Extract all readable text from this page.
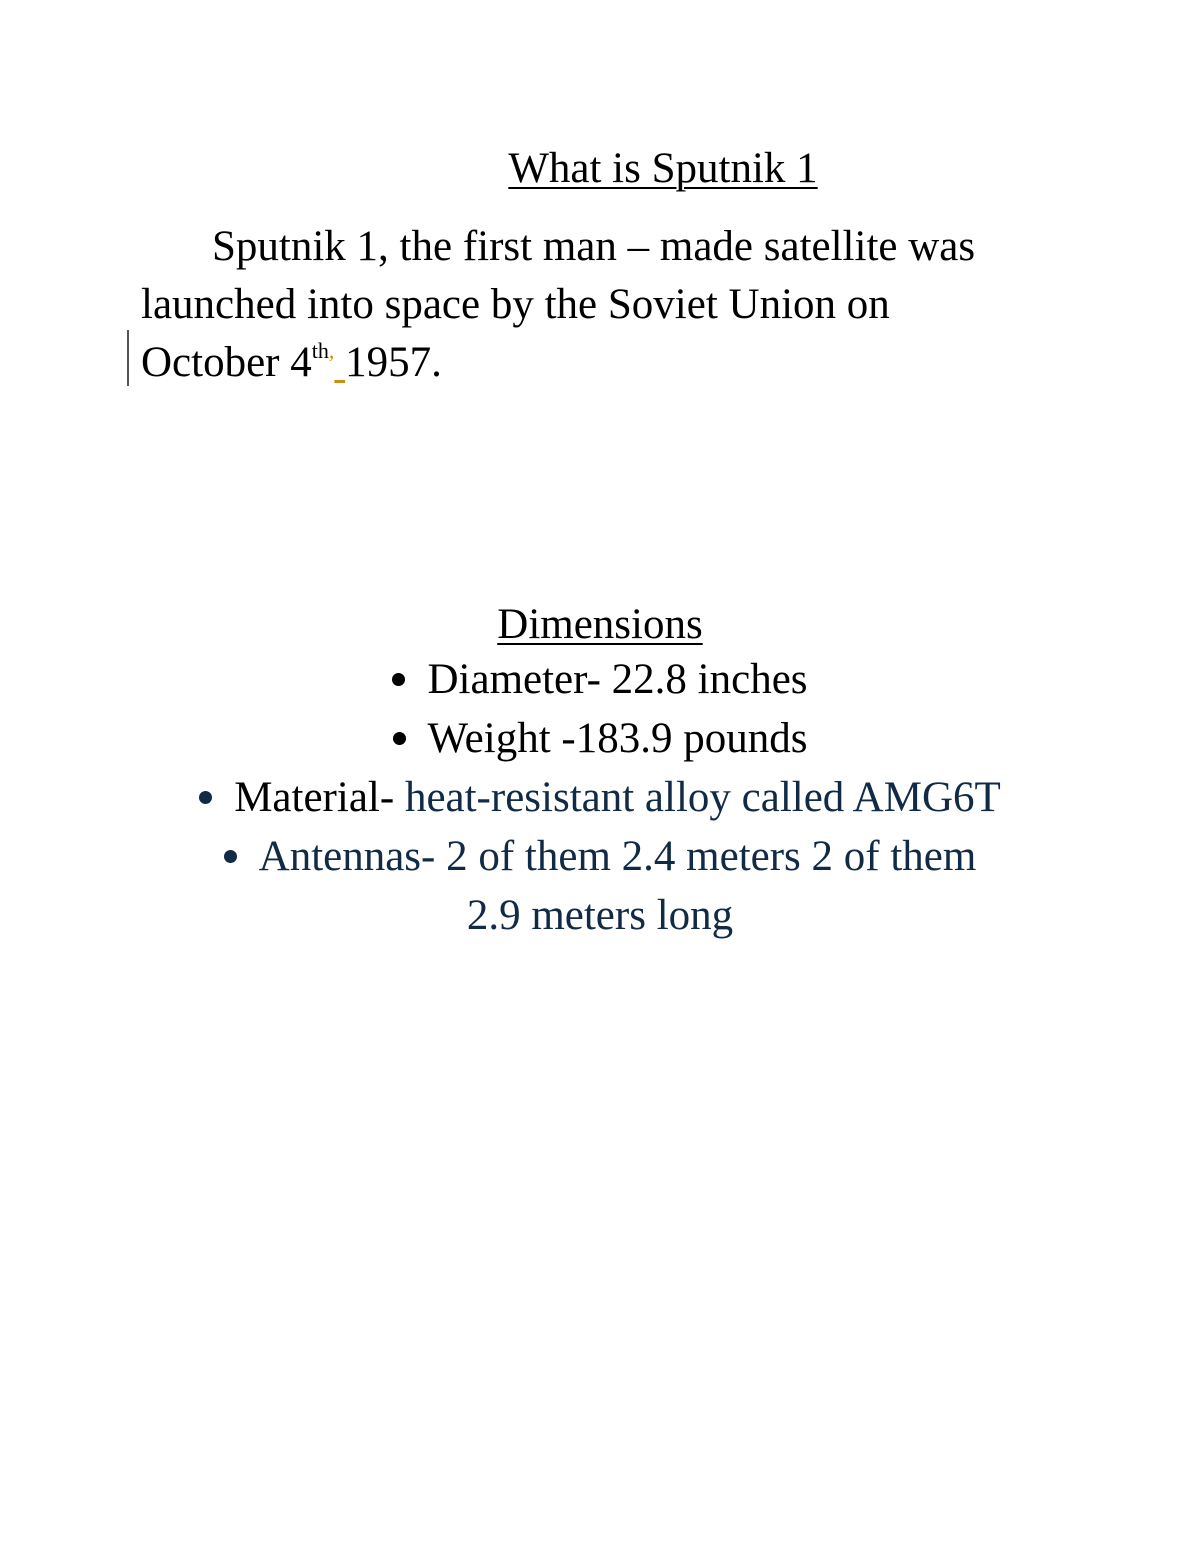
What is Sputnik 1
Sputnik 1, the first man – made satellite was
launched into space by the Soviet Union on
October $4^{th,}$ 1957.
Dimensions
Diameter- 22.8 inches
Weight -183.9 pounds
Material- heat-resistant alloy called AMG6T
Antennas- 2 of them 2.4 meters 2 of them
2.9 meters long
